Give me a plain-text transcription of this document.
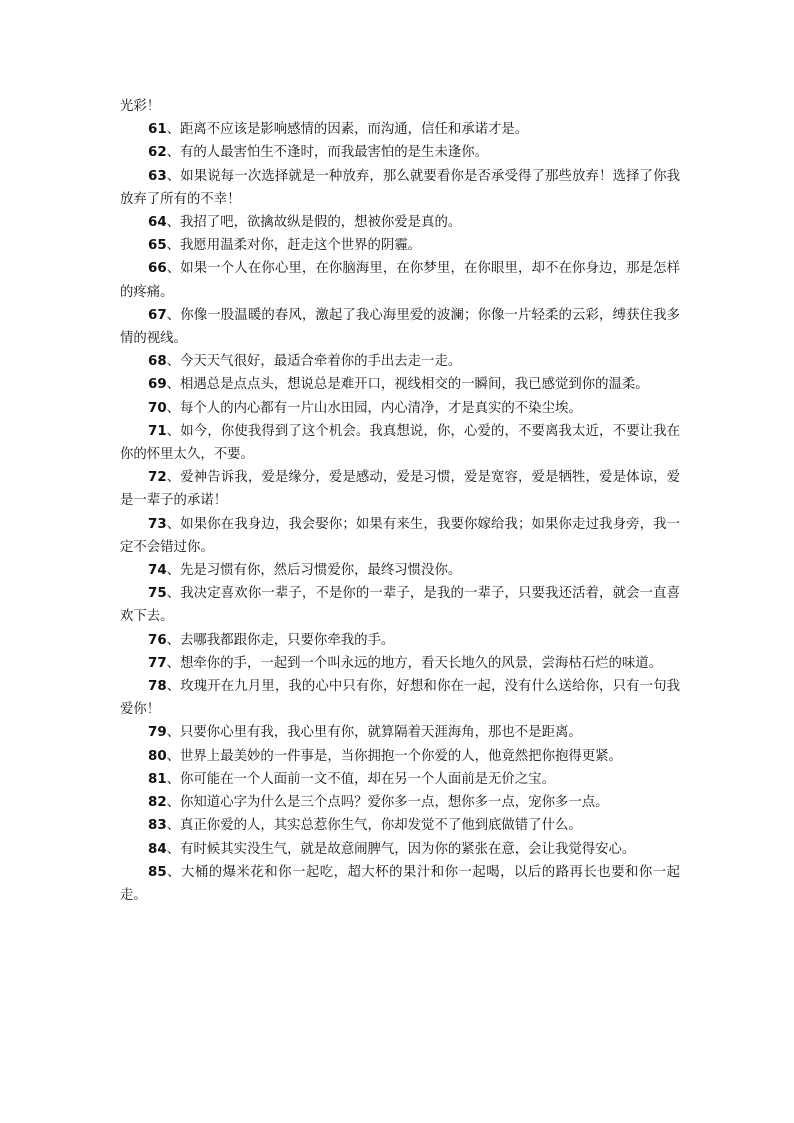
光彩！

61、距离不应该是影响感情的因素，而沟通，信任和承诺才是。

62、有的人最害怕生不逢时，而我最害怕的是生未逢你。

63、如果说每一次选择就是一种放弃，那么就要看你是否承受得了那些放弃！选择了你我放弃了所有的不幸！

64、我招了吧，欲擒故纵是假的，想被你爱是真的。

65、我愿用温柔对你，赶走这个世界的阴霾。

66、如果一个人在你心里，在你脑海里，在你梦里，在你眼里，却不在你身边，那是怎样的疼痛。

67、你像一股温暖的春风，激起了我心海里爱的波澜；你像一片轻柔的云彩，缚获住我多情的视线。

68、今天天气很好，最适合牵着你的手出去走一走。

69、相遇总是点点头，想说总是难开口，视线相交的一瞬间，我已感觉到你的温柔。

70、每个人的内心都有一片山水田园，内心清净，才是真实的不染尘埃。

71、如今，你使我得到了这个机会。我真想说，你，心爱的，不要离我太近，不要让我在你的怀里太久，不要。

72、爱神告诉我，爱是缘分，爱是感动，爱是习惯，爱是宽容，爱是牺牲，爱是体谅，爱是一辈子的承诺！

73、如果你在我身边，我会娶你；如果有来生，我要你嫁给我；如果你走过我身旁，我一定不会错过你。

74、先是习惯有你，然后习惯爱你，最终习惯没你。

75、我决定喜欢你一辈子，不是你的一辈子，是我的一辈子，只要我还活着，就会一直喜欢下去。

76、去哪我都跟你走，只要你牵我的手。

77、想牵你的手，一起到一个叫永远的地方，看天长地久的风景，尝海枯石烂的味道。

78、玫瑰开在九月里，我的心中只有你，好想和你在一起，没有什么送给你，只有一句我爱你！

79、只要你心里有我，我心里有你，就算隔着天涯海角，那也不是距离。

80、世界上最美妙的一件事是，当你拥抱一个你爱的人，他竟然把你抱得更紧。

81、你可能在一个人面前一文不值，却在另一个人面前是无价之宝。

82、你知道心字为什么是三个点吗？爱你多一点，想你多一点，宠你多一点。

83、真正你爱的人，其实总惹你生气，你却发觉不了他到底做错了什么。

84、有时候其实没生气，就是故意闹脾气，因为你的紧张在意，会让我觉得安心。

85、大桶的爆米花和你一起吃，超大杯的果汁和你一起喝，以后的路再长也要和你一起走。
